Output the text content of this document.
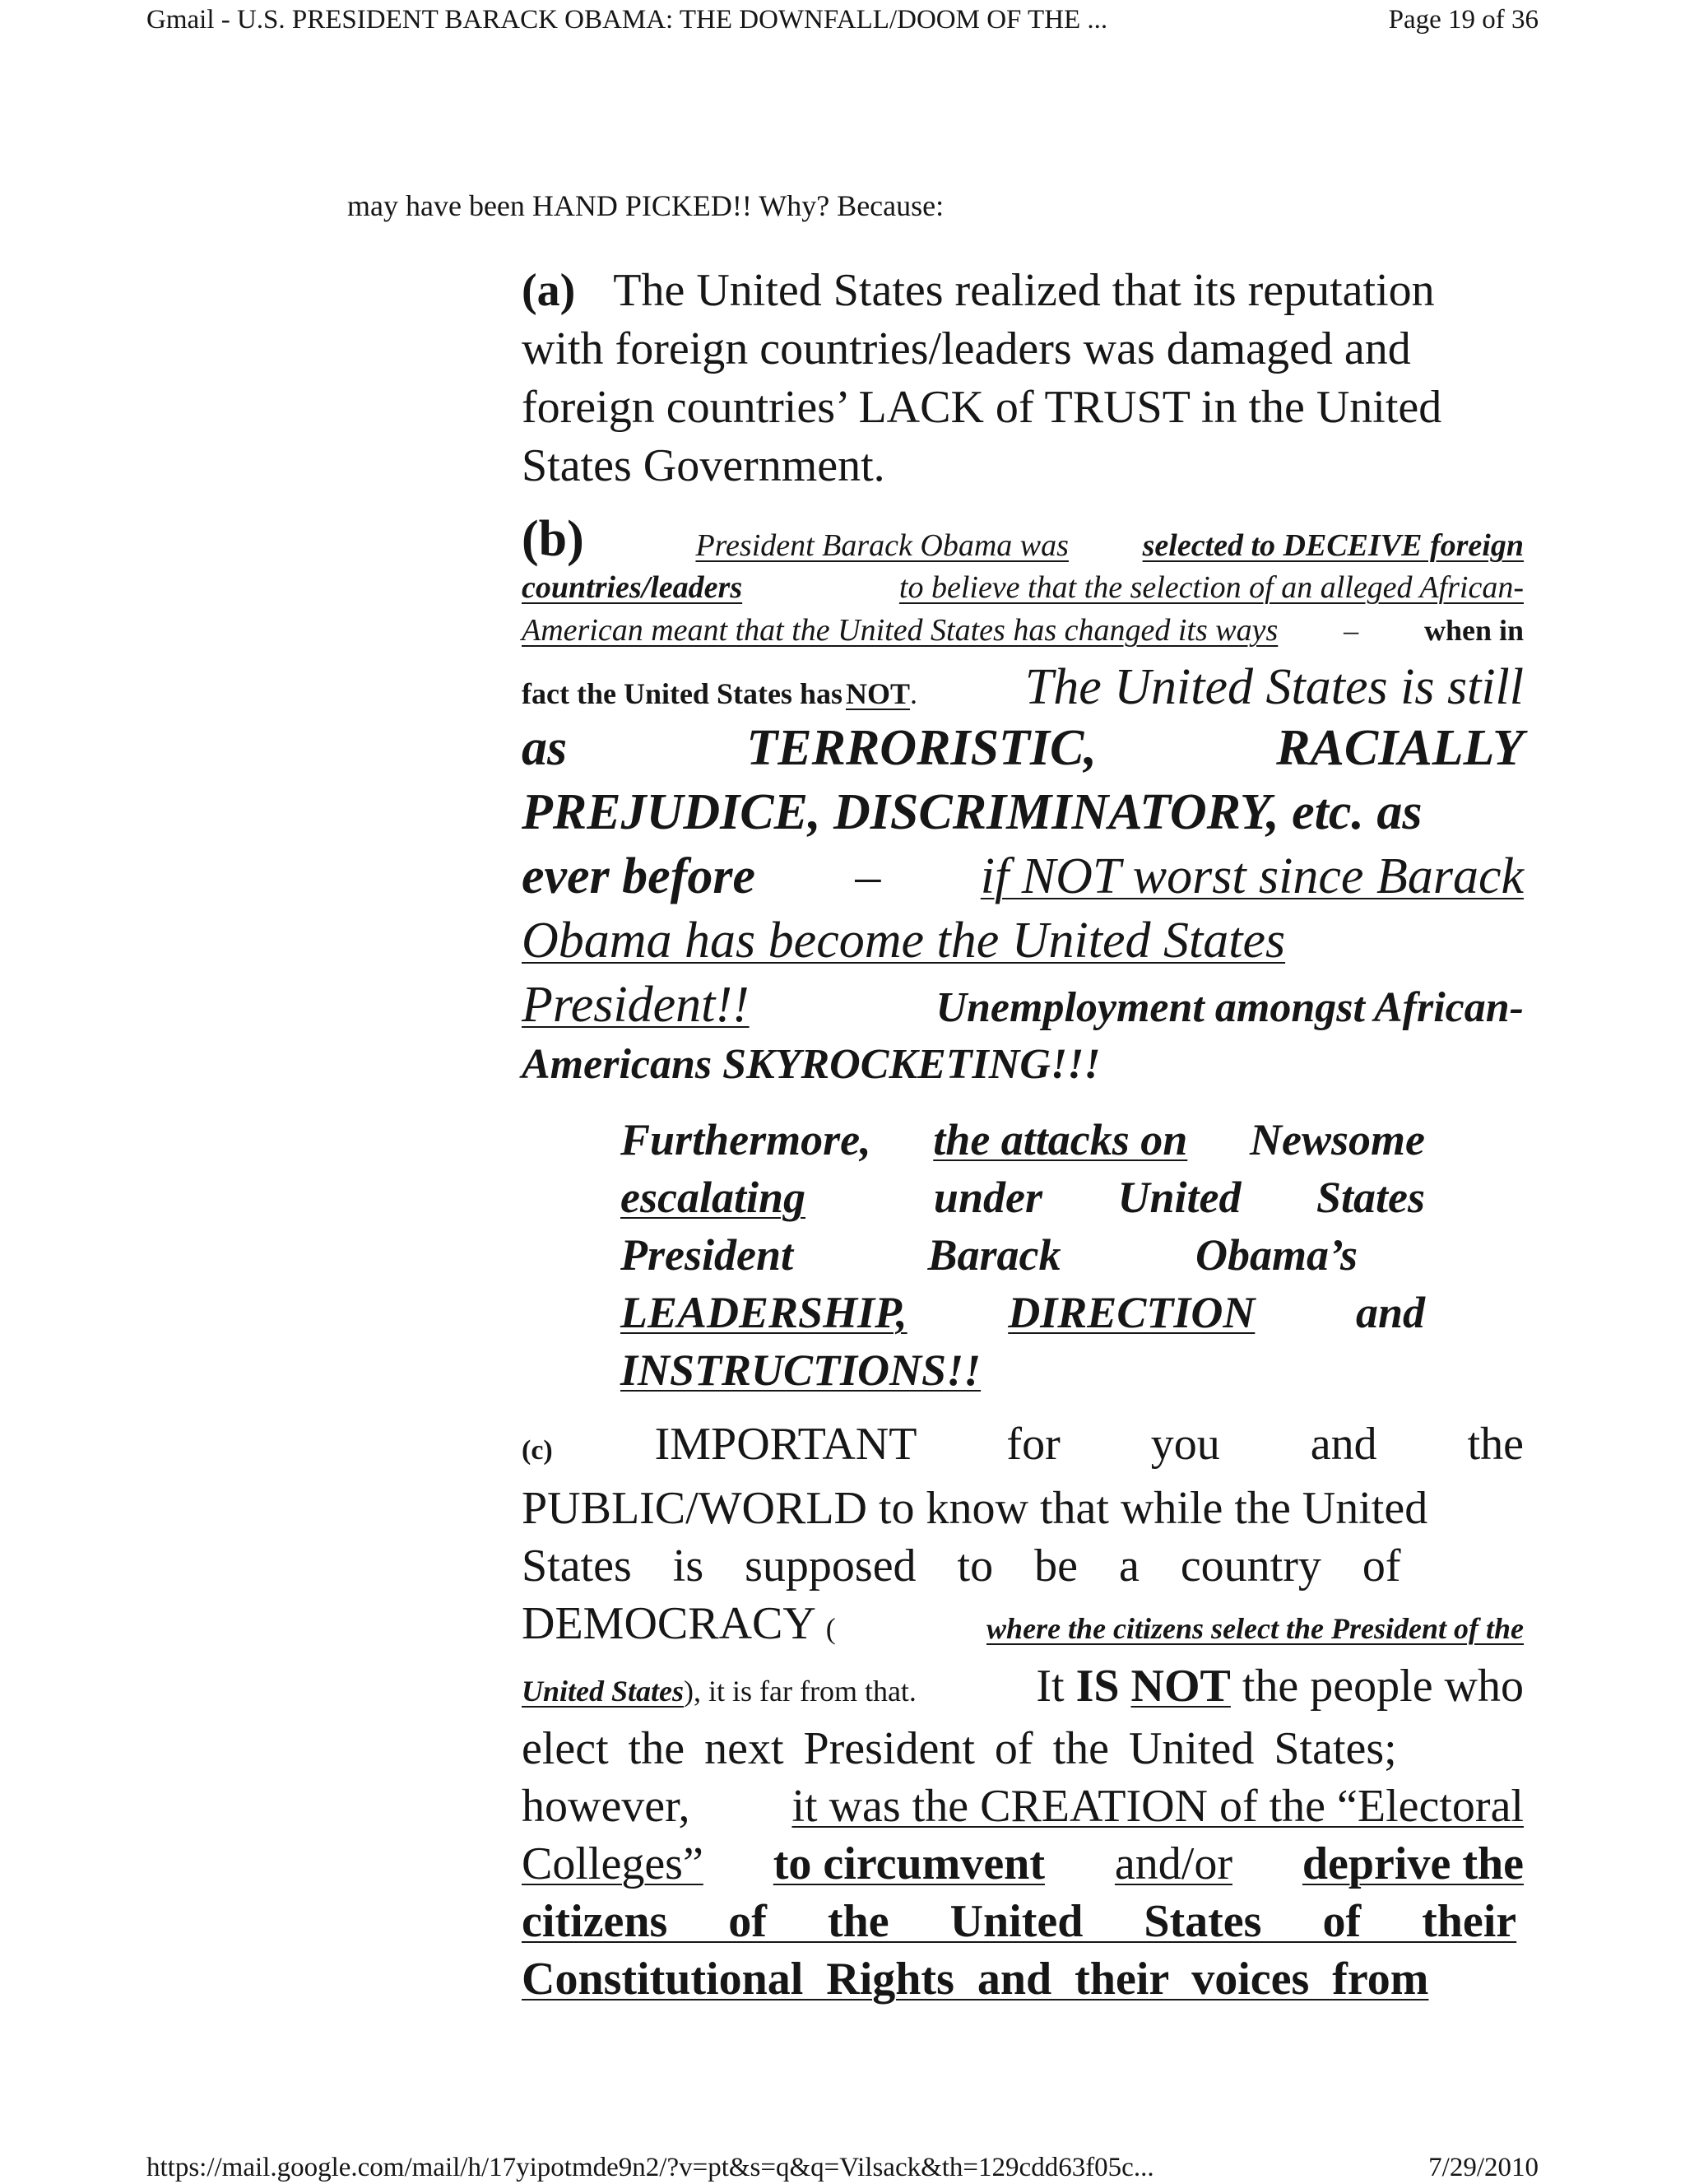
Gmail - U.S. PRESIDENT BARACK OBAMA: THE DOWNFALL/DOOM OF THE ...	Page 19 of 36
may have been HAND PICKED!! Why? Because:
(a) The United States realized that its reputation
with foreign countries/leaders was damaged and
foreign countries’ LACK of TRUST in the United
States Government.
(b)	President Barack Obama was selected to DECEIVE foreign
countries/leaders	to believe that the selection of an alleged African-
American meant that the United States has changed its ways – when in
fact the United States has NOT. The United States is still
as	TERRORISTIC,	RACIALLY
PREJUDICE, DISCRIMINATORY, etc. as
ever before – if NOT worst since Barack
Obama has become the United States
President!!	Unemployment amongst African-
Americans SKYROCKETING!!!
Furthermore, the attacks on Newsome
escalating	under United States
President Barack Obama’s
LEADERSHIP, DIRECTION and
INSTRUCTIONS!!
(c) IMPORTANT for you and the
PUBLIC/WORLD to know that while the United
States is supposed to be a country of
DEMOCRACY (	where the citizens select the President of the
United States), it is far from that.	It IS NOT the people who
elect the next President of the United States;
however, it was the CREATION of the “Electoral
Colleges” to circumvent and/or deprive the
citizens of the United States of their
Constitutional Rights and their voices from
https://mail.google.com/mail/h/17yipotmde9n2/?v=pt&s=q&q=Vilsack&th=129cdd63f05c...	7/29/2010
